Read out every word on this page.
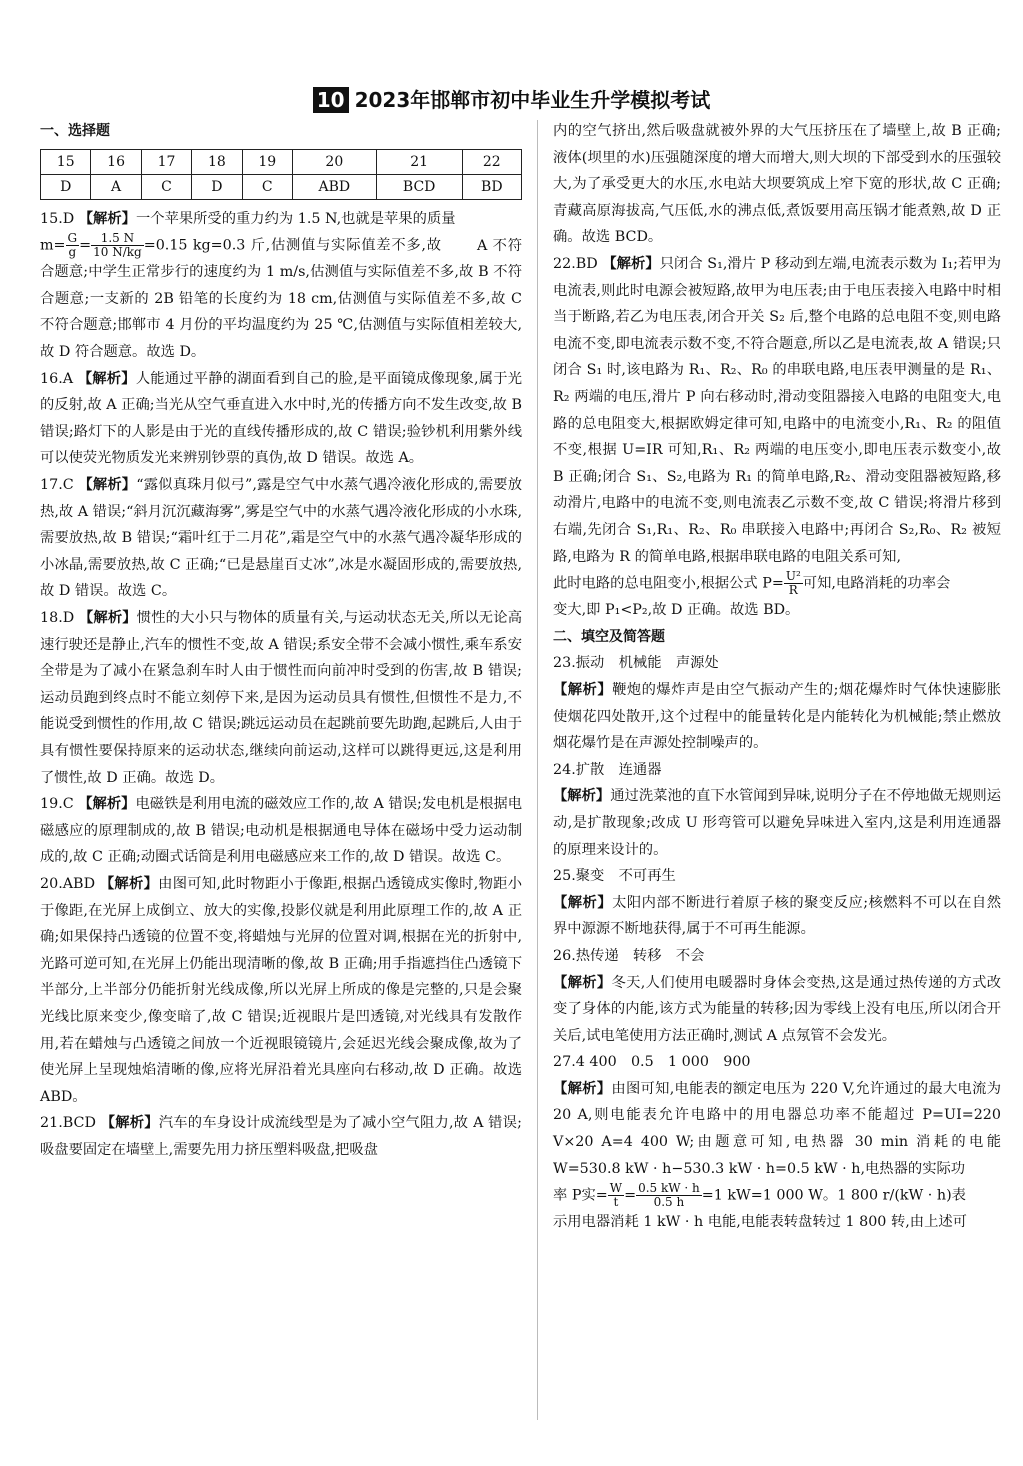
10 2023年邯郸市初中毕业生升学模拟考试
一、选择题
15	16	17	18	19	20	21	22
D	A	C	D	C	ABD	BCD	BD

15.D 【解析】一个苹果所受的重力约为 1.5 N,也就是苹果的质量
$m= \frac{G}{g} = \frac{1.5 N}{10 N/kg} =0.15$ kg=0.3 斤,估测值与实际值差不多,故 A 不符合题意;中学生正常步行的速度约为 1 m/s,估测值与实际值差不多,故 B 不符合题意;一支新的 2B 铅笔的长度约为 18 cm,估测值与实际值差不多,故 C 不符合题意;邯郸市 4 月份的平均温度约为 25 ℃,估测值与实际值相差较大,故 D 符合题意。故选 D。

16.A 【解析】人能通过平静的湖面看到自己的脸,是平面镜成像现象,属于光的反射,故 A 正确;当光从空气垂直进入水中时,光的传播方向不发生改变,故 B 错误;路灯下的人影是由于光的直线传播形成的,故 C 错误;验钞机利用紫外线可以使荧光物质发光来辨别钞票的真伪,故 D 错误。故选 A。

17.C 【解析】“露似真珠月似弓”,露是空气中水蒸气遇冷液化形成的,需要放热,故 A 错误;“斜月沉沉藏海雾”,雾是空气中的水蒸气遇冷液化形成的小水珠,需要放热,故 B 错误;“霜叶红于二月花”,霜是空气中的水蒸气遇冷凝华形成的小冰晶,需要放热,故 C 正确;“已是悬崖百丈冰”,冰是水凝固形成的,需要放热,故 D 错误。故选 C。

18.D 【解析】惯性的大小只与物体的质量有关,与运动状态无关,所以无论高速行驶还是静止,汽车的惯性不变,故 A 错误;系安全带不会减小惯性,乘车系安全带是为了减小在紧急刹车时人由于惯性而向前冲时受到的伤害,故 B 错误;运动员跑到终点时不能立刻停下来,是因为运动员具有惯性,但惯性不是力,不能说受到惯性的作用,故 C 错误;跳远运动员在起跳前要先助跑,起跳后,人由于具有惯性要保持原来的运动状态,继续向前运动,这样可以跳得更远,这是利用了惯性,故 D 正确。故选 D。

19.C 【解析】电磁铁是利用电流的磁效应工作的,故 A 错误;发电机是根据电磁感应的原理制成的,故 B 错误;电动机是根据通电导体在磁场中受力运动制成的,故 C 正确;动圈式话筒是利用电磁感应来工作的,故 D 错误。故选 C。

20.ABD 【解析】由图可知,此时物距小于像距,根据凸透镜成实像时,物距小于像距,在光屏上成倒立、放大的实像,投影仪就是利用此原理工作的,故 A 正确;如果保持凸透镜的位置不变,将蜡烛与光屏的位置对调,根据在光的折射中,光路可逆可知,在光屏上仍能出现清晰的像,故 B 正确;用手指遮挡住凸透镜下半部分,上半部分仍能折射光线成像,所以光屏上所成的像是完整的,只是会聚光线比原来变少,像变暗了,故 C 错误;近视眼片是凹透镜,对光线具有发散作用,若在蜡烛与凸透镜之间放一个近视眼镜镜片,会延迟光线会聚成像,故为了使光屏上呈现烛焰清晰的像,应将光屏沿着光具座向右移动,故 D 正确。故选 ABD。

21.BCD 【解析】汽车的车身设计成流线型是为了减小空气阻力,故 A 错误;吸盘要固定在墙壁上,需要先用力挤压塑料吸盘,把吸盘

内的空气挤出,然后吸盘就被外界的大气压挤压在了墙壁上,故 B 正确;液体(坝里的水)压强随深度的增大而增大,则大坝的下部受到水的压强较大,为了承受更大的水压,水电站大坝要筑成上窄下宽的形状,故 C 正确;青藏高原海拔高,气压低,水的沸点低,煮饭要用高压锅才能煮熟,故 D 正确。故选 BCD。

22.BD 【解析】只闭合 S₁,滑片 P 移动到左端,电流表示数为 I₁;若甲为电流表,则此时电源会被短路,故甲为电压表;由于电压表接入电路中时相当于断路,若乙为电压表,闭合开关 S₂ 后,整个电路的总电阻不变,则电路电流不变,即电流表示数不变,不符合题意,所以乙是电流表,故 A 错误;只闭合 S₁ 时,该电路为 R₁、R₂、R₀ 的串联电路,电压表甲测量的是 R₁、R₂ 两端的电压,滑片 P 向右移动时,滑动变阻器接入电路的电阻变大,电路的总电阻变大,根据欧姆定律可知,电路中的电流变小,R₁、R₂ 的阻值不变,根据 U=IR 可知,R₁、R₂ 两端的电压变小,即电压表示数变小,故 B 正确;闭合 S₁、S₂,电路为 R₁ 的简单电路,R₂、滑动变阻器被短路,移动滑片,电路中的电流不变,则电流表乙示数不变,故 C 错误;将滑片移到右端,先闭合 S₁,R₁、R₂、R₀ 串联接入电路中;再闭合 S₂,R₀、R₂ 被短路,电路为 R 的简单电路,根据串联电路的电阻关系可知,
此时电路的总电阻变小,根据公式 $P= \frac{\text{U²}}{R}$ 可知,电路消耗的功率会
变大,即 P₁<P₂,故 D 正确。故选 BD。

二、填空及简答题

23.振动　机械能　声源处
【解析】鞭炮的爆炸声是由空气振动产生的;烟花爆炸时气体快速膨胀使烟花四处散开,这个过程中的能量转化是内能转化为机械能;禁止燃放烟花爆竹是在声源处控制噪声的。

24.扩散　连通器
【解析】通过洗菜池的直下水管闻到异味,说明分子在不停地做无规则运动,是扩散现象;改成 U 形弯管可以避免异味进入室内,这是利用连通器的原理来设计的。

25.聚变　不可再生
【解析】太阳内部不断进行着原子核的聚变反应;核燃料不可以在自然界中源源不断地获得,属于不可再生能源。

26.热传递　转移　不会
【解析】冬天,人们使用电暖器时身体会变热,这是通过热传递的方式改变了身体的内能,该方式为能量的转移;因为零线上没有电压,所以闭合开关后,试电笔使用方法正确时,测试 A 点氖管不会发光。

27.4 400　0.5　1 000　900
【解析】由图可知,电能表的额定电压为 220 V,允许通过的最大电流为 20 A,则电能表允许电路中的用电器总功率不能超过 P=UI=220 V×20 A=4 400 W;由题意可知,电热器 30 min 消耗的电能 W=530.8 kW · h−530.3 kW · h=0.5 kW · h,电热器的实际功
率 P实= $\frac{W}{t} = \frac{0.5 kW \cdot h}{0.5 h} =1$ kW=1 000 W。1 800 r/(kW · h)表
示用电器消耗 1 kW · h 电能,电能表转盘转过 1 800 转,由上述可
